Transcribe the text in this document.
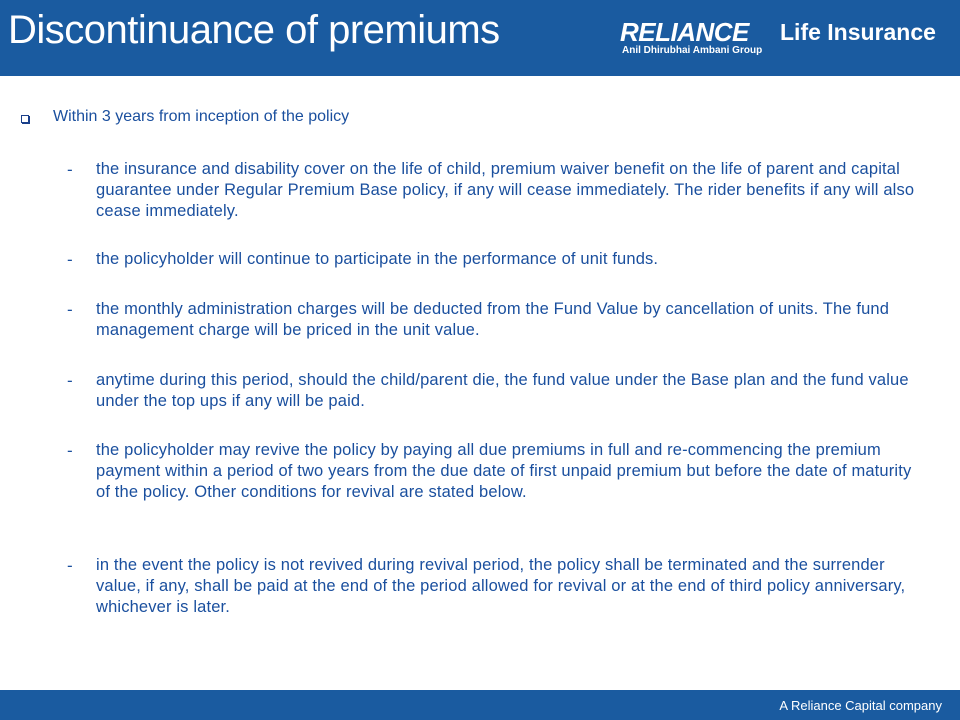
Discontinuance of premiums	RELIANCE Life Insurance
Anil Dhirubhai Ambani Group
Within 3 years from inception of the policy
- the insurance and disability cover on the life of child, premium waiver benefit on the life of parent and capital guarantee under Regular Premium Base policy, if any will cease immediately. The rider benefits if any will also cease immediately.
- the policyholder will continue to participate in the performance of unit funds.
- the monthly administration charges will be deducted from the Fund Value by cancellation of units. The fund management charge will be priced in the unit value.
- anytime during this period, should the child/parent die, the fund value under the Base plan and the fund value under the top ups if any will be paid.
- the policyholder may revive the policy by paying all due premiums in full and re-commencing the premium payment within a period of two years from the due date of first unpaid premium but before the date of maturity of the policy. Other conditions for revival are stated below.
- in the event the policy is not revived during revival period, the policy shall be terminated and the surrender value, if any, shall be paid at the end of the period allowed for revival or at the end of third policy anniversary, whichever is later.
A Reliance Capital company
